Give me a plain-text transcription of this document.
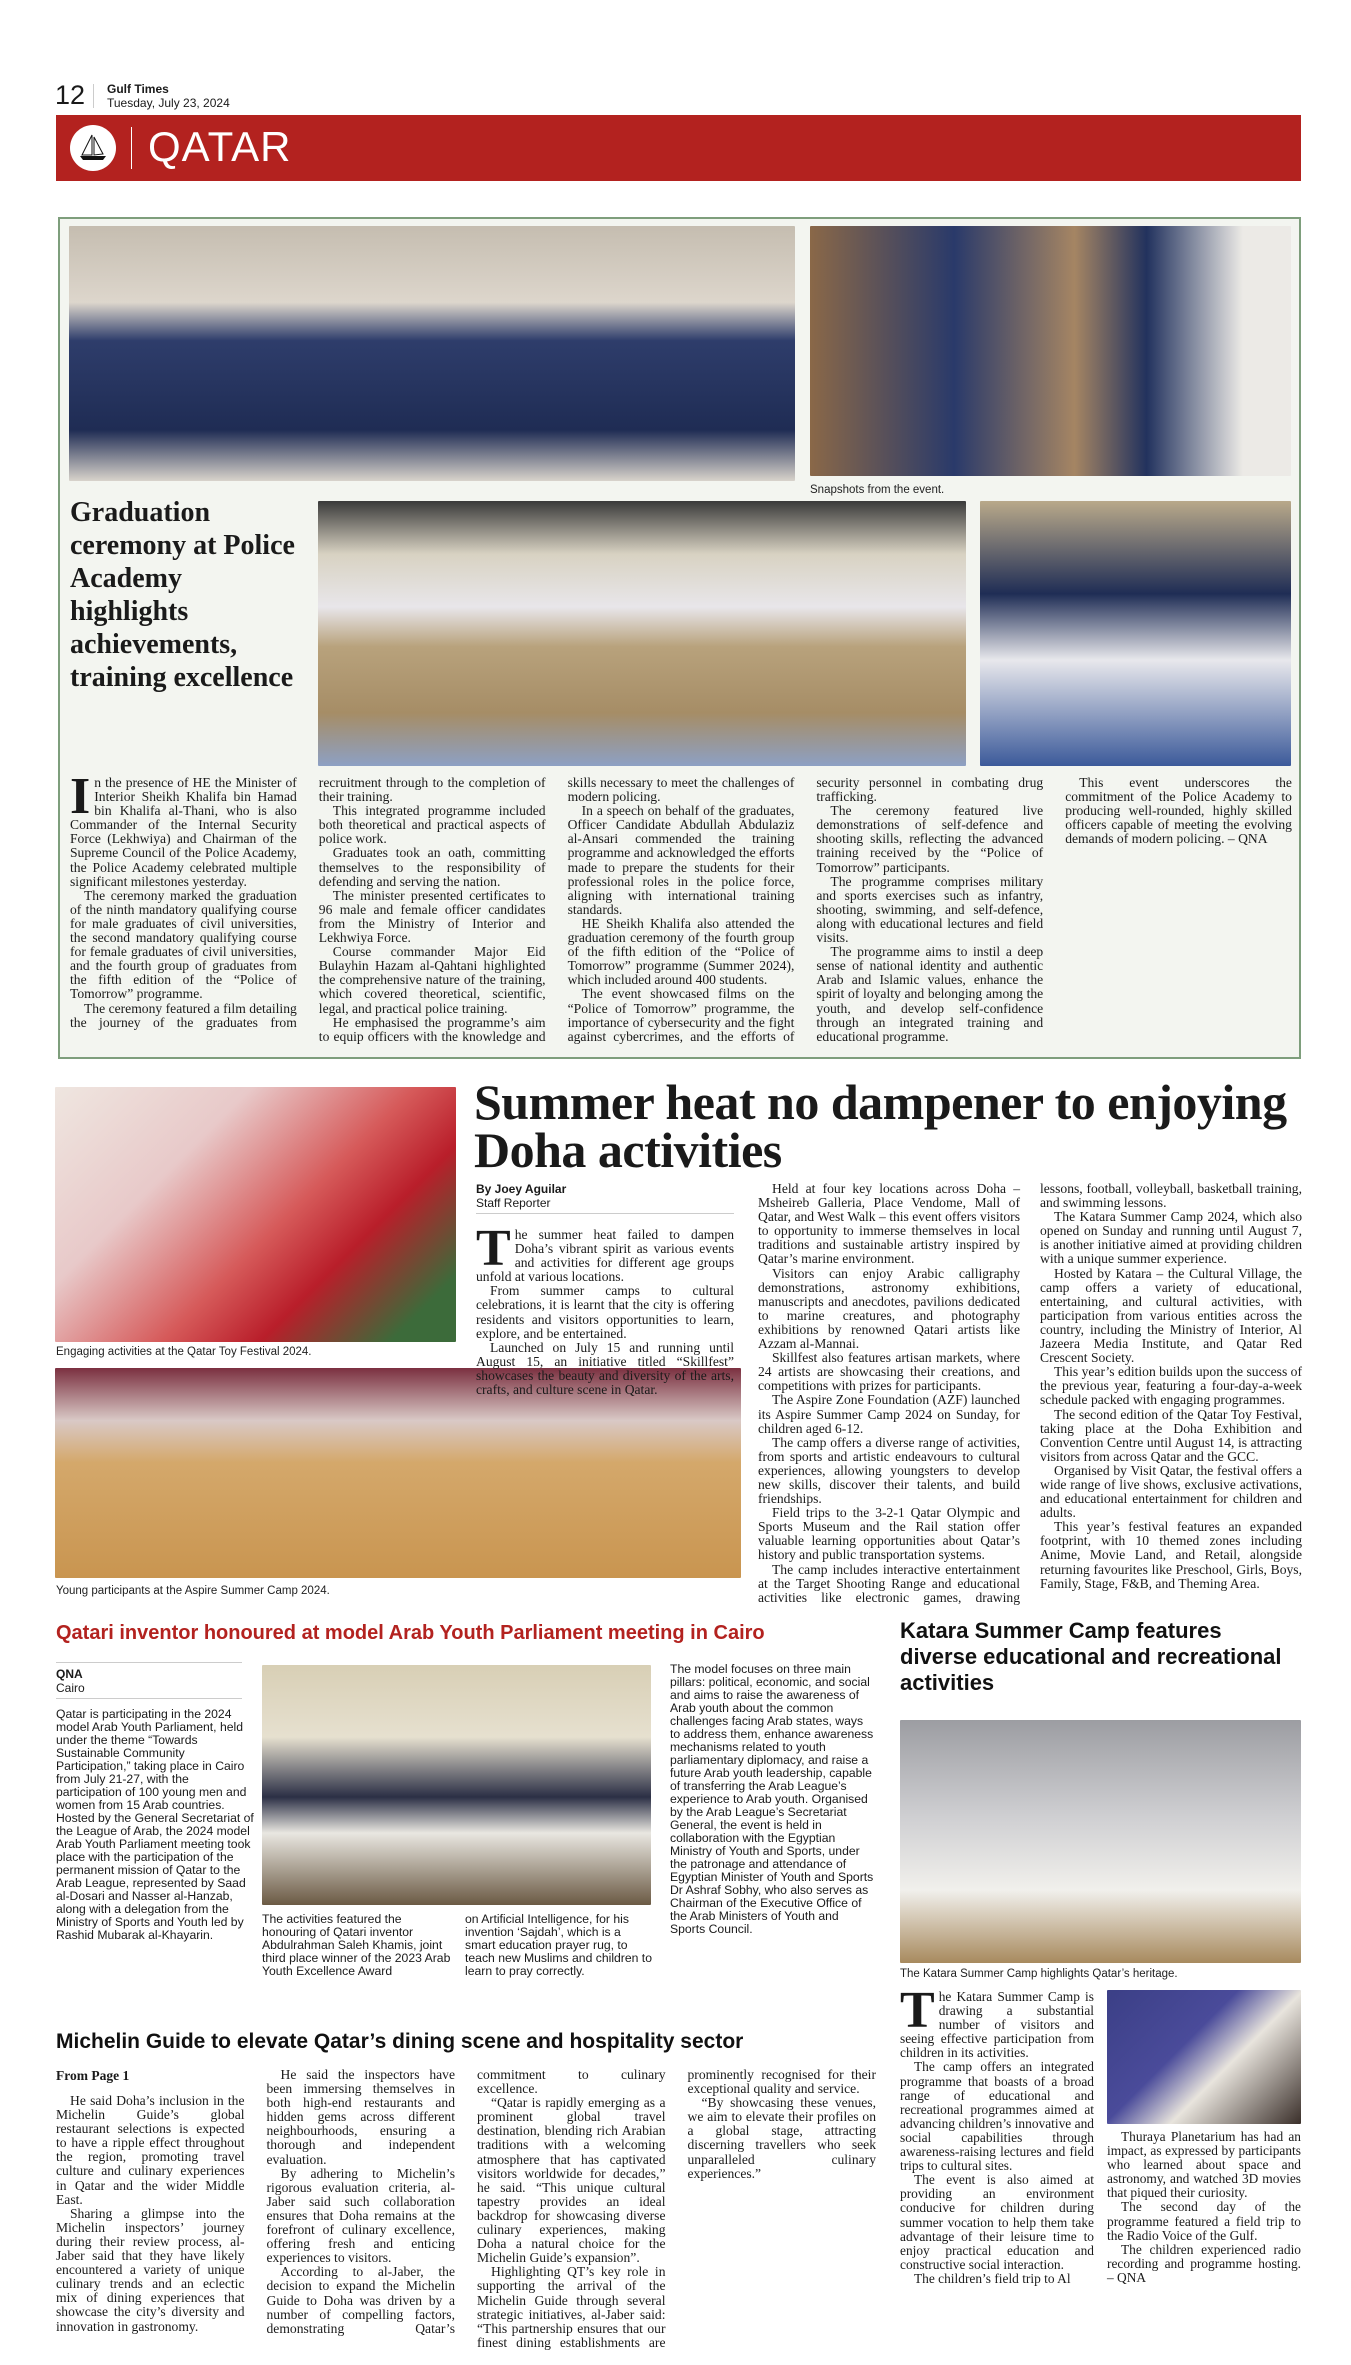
12 Gulf Times
Tuesday, July 23, 2024
QATAR
Snapshots from the event.
Graduation ceremony at Police Academy highlights achievements, training excellence

In the presence of HE the Minister of Interior Sheikh Khalifa bin Hamad bin Khalifa al-Thani, who is also Commander of the Internal Security Force (Lekhwiya) and Chairman of the Supreme Council of the Police Academy, the Police Academy celebrated multiple significant milestones yesterday.

The ceremony marked the graduation of the ninth mandatory qualifying course for male graduates of civil universities, the second mandatory qualifying course for female graduates of civil universities, and the fourth group of graduates from the fifth edition of the “Police of Tomorrow” programme.

The ceremony featured a film detailing the journey of the graduates from recruitment through to the completion of their training.

This integrated programme included both theoretical and practical aspects of police work.

Graduates took an oath, committing themselves to the responsibility of defending and serving the nation.

The minister presented certificates to 96 male and female officer candidates from the Ministry of Interior and Lekhwiya Force.

Course commander Major Eid Bulayhin Hazam al-Qahtani highlighted the comprehensive nature of the training, which covered theoretical, scientific, legal, and practical police training.

He emphasised the programme’s aim to equip officers with the knowledge and skills necessary to meet the challenges of modern policing.

In a speech on behalf of the graduates, Officer Candidate Abdullah Abdulaziz al-Ansari commended the training programme and acknowledged the efforts made to prepare the students for their professional roles in the police force, aligning with international training standards.

HE Sheikh Khalifa also attended the graduation ceremony of the fourth group of the fifth edition of the “Police of Tomorrow” programme (Summer 2024), which included around 400 students.

The event showcased films on the “Police of Tomorrow” programme, the importance of cybersecurity and the fight against cybercrimes, and the efforts of security personnel in combating drug trafficking.

The ceremony featured live demonstrations of self-defence and shooting skills, reflecting the advanced training received by the “Police of Tomorrow” participants.

The programme comprises military and sports exercises such as infantry, shooting, swimming, and self-defence, along with educational lectures and field visits.

The programme aims to instil a deep sense of national identity and authentic Arab and Islamic values, enhance the spirit of loyalty and belonging among the youth, and develop self-confidence through an integrated training and educational programme.

This event underscores the commitment of the Police Academy to producing well-rounded, highly skilled officers capable of meeting the evolving demands of modern policing. – QNA

Engaging activities at the Qatar Toy Festival 2024.
Young participants at the Aspire Summer Camp 2024.
Summer heat no dampener to enjoying Doha activities
By Joey Aguilar
Staff Reporter

The summer heat failed to dampen Doha’s vibrant spirit as various events and activities for different age groups unfold at various locations.

From summer camps to cultural celebrations, it is learnt that the city is offering residents and visitors opportunities to learn, explore, and be entertained.

Launched on July 15 and running until August 15, an initiative titled “Skillfest” showcases the beauty and diversity of the arts, crafts, and culture scene in Qatar.

Held at four key locations across Doha – Msheireb Galleria, Place Vendome, Mall of Qatar, and West Walk – this event offers visitors to opportunity to immerse themselves in local traditions and sustainable artistry inspired by Qatar’s marine environment.

Visitors can enjoy Arabic calligraphy demonstrations, astronomy exhibitions, manuscripts and anecdotes, pavilions dedicated to marine creatures, and photography exhibitions by renowned Qatari artists like Azzam al-Mannai.

Skillfest also features artisan markets, where 24 artists are showcasing their creations, and competitions with prizes for participants.

The Aspire Zone Foundation (AZF) launched its Aspire Summer Camp 2024 on Sunday, for children aged 6-12.

The camp offers a diverse range of activities, from sports and artistic endeavours to cultural experiences, allowing youngsters to develop new skills, discover their talents, and build friendships.

Field trips to the 3-2-1 Qatar Olympic and Sports Museum and the Rail station offer valuable learning opportunities about Qatar’s history and public transportation systems.

The camp includes interactive entertainment at the Target Shooting Range and educational activities like electronic games, drawing lessons, football, volleyball, basketball training, and swimming lessons.

The Katara Summer Camp 2024, which also opened on Sunday and running until August 7, is another initiative aimed at providing children with a unique summer experience.

Hosted by Katara – the Cultural Village, the camp offers a variety of educational, entertaining, and cultural activities, with participation from various entities across the country, including the Ministry of Interior, Al Jazeera Media Institute, and Qatar Red Crescent Society.

This year’s edition builds upon the success of the previous year, featuring a four-day-a-week schedule packed with engaging programmes.

The second edition of the Qatar Toy Festival, taking place at the Doha Exhibition and Convention Centre until August 14, is attracting visitors from across Qatar and the GCC.

Organised by Visit Qatar, the festival offers a wide range of live shows, exclusive activations, and educational entertainment for children and adults.

This year’s festival features an expanded footprint, with 10 themed zones including Anime, Movie Land, and Retail, alongside returning favourites like Preschool, Girls, Boys, Family, Stage, F&B, and Theming Area.

Qatari inventor honoured at model Arab Youth Parliament meeting in Cairo
QNA
Cairo
Qatar is participating in the 2024 model Arab Youth Parliament, held under the theme “Towards Sustainable Community Participation,” taking place in Cairo from July 21-27, with the participation of 100 young men and women from 15 Arab countries. Hosted by the General Secretariat of the League of Arab, the 2024 model Arab Youth Parliament meeting took place with the participation of the permanent mission of Qatar to the Arab League, represented by Saad al-Dosari and Nasser al-Hanzab, along with a delegation from the Ministry of Sports and Youth led by Rashid Mubarak al-Khayarin.
The activities featured the honouring of Qatari inventor Abdulrahman Saleh Khamis, joint third place winner of the 2023 Arab Youth Excellence Award
on Artificial Intelligence, for his invention ‘Sajdah’, which is a smart education prayer rug, to teach new Muslims and children to learn to pray correctly.
The model focuses on three main pillars: political, economic, and social and aims to raise the awareness of Arab youth about the common challenges facing Arab states, ways to address them, enhance awareness mechanisms related to youth parliamentary diplomacy, and raise a future Arab youth leadership, capable of transferring the Arab League’s experience to Arab youth. Organised by the Arab League’s Secretariat General, the event is held in collaboration with the Egyptian Ministry of Youth and Sports, under the patronage and attendance of Egyptian Minister of Youth and Sports Dr Ashraf Sobhy, who also serves as Chairman of the Executive Office of the Arab Ministers of Youth and Sports Council.
Katara Summer Camp features diverse educational and recreational activities
The Katara Summer Camp highlights Qatar’s heritage.

The Katara Summer Camp is drawing a substantial number of visitors and seeing effective participation from children in its activities.

The camp offers an integrated programme that boasts of a broad range of educational and recreational programmes aimed at advancing children’s innovative and social capabilities through awareness-raising lectures and field trips to cultural sites.

The event is also aimed at providing an environment conducive for children during summer vocation to help them take advantage of their leisure time to enjoy practical education and constructive social interaction.

The children’s field trip to Al

Thuraya Planetarium has had an impact, as expressed by participants who learned about space and astronomy, and watched 3D movies that piqued their curiosity.

The second day of the programme featured a field trip to the Radio Voice of the Gulf.

The children experienced radio recording and programme hosting. – QNA

Michelin Guide to elevate Qatar’s dining scene and hospitality sector
From Page 1

He said Doha’s inclusion in the Michelin Guide’s global restaurant selections is expected to have a ripple effect throughout the region, promoting travel culture and culinary experiences in Qatar and the wider Middle East.

Sharing a glimpse into the Michelin inspectors’ journey during their review process, al-Jaber said that they have likely encountered a variety of unique culinary trends and an eclectic mix of dining experiences that showcase the city’s diversity and innovation in gastronomy.

He said the inspectors have been immersing themselves in both high-end restaurants and hidden gems across different neighbourhoods, ensuring a thorough and independent evaluation.

By adhering to Michelin’s rigorous evaluation criteria, al-Jaber said such collaboration ensures that Doha remains at the forefront of culinary excellence, offering fresh and enticing experiences to visitors.

According to al-Jaber, the decision to expand the Michelin Guide to Doha was driven by a number of compelling factors, demonstrating Qatar’s commitment to culinary excellence.

“Qatar is rapidly emerging as a prominent global travel destination, blending rich Arabian traditions with a welcoming atmosphere that has captivated visitors worldwide for decades,” he said. “This unique cultural tapestry provides an ideal backdrop for showcasing diverse culinary experiences, making Doha a natural choice for the Michelin Guide’s expansion”.

Highlighting QT’s key role in supporting the arrival of the Michelin Guide through several strategic initiatives, al-Jaber said: “This partnership ensures that our finest dining establishments are prominently recognised for their exceptional quality and service.

“By showcasing these venues, we aim to elevate their profiles on a global stage, attracting discerning travellers who seek unparalleled culinary experiences.”
